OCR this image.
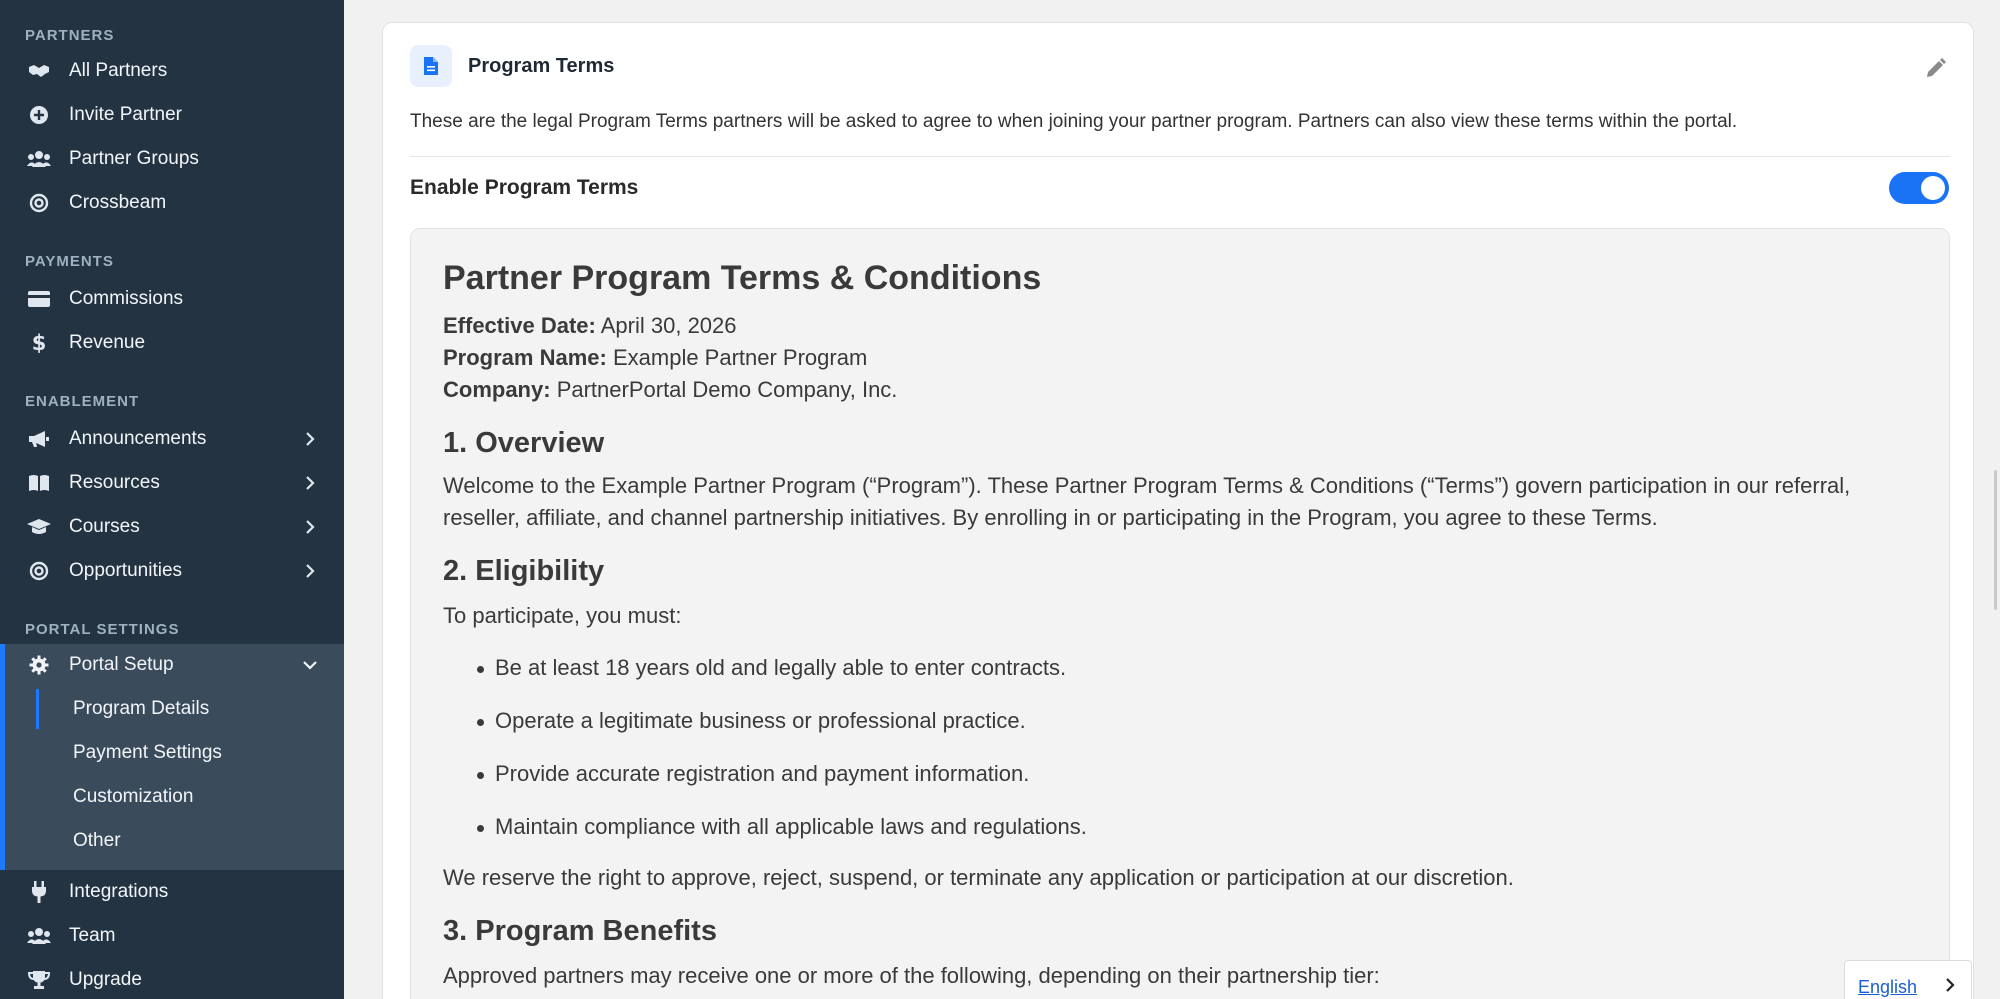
PARTNERS
All Partners
Invite Partner
Partner Groups
Crossbeam
PAYMENTS
Commissions
$ Revenue
ENABLEMENT
Announcements
Resources
Courses
Opportunities
PORTAL SETTINGS
Portal Setup
Program Details
Payment Settings
Customization
Other
Integrations
Team
Upgrade
Program Terms
These are the legal Program Terms partners will be asked to agree to when joining your partner program. Partners can also view these terms within the portal.
Enable Program Terms
Partner Program Terms & Conditions
Effective Date: April 30, 2026
Program Name: Example Partner Program
Company: PartnerPortal Demo Company, Inc.
1. Overview
Welcome to the Example Partner Program (“Program”). These Partner Program Terms & Conditions (“Terms”) govern participation in our referral, reseller, affiliate, and channel partnership initiatives. By enrolling in or participating in the Program, you agree to these Terms.
2. Eligibility
To participate, you must:
Be at least 18 years old and legally able to enter contracts.
Operate a legitimate business or professional practice.
Provide accurate registration and payment information.
Maintain compliance with all applicable laws and regulations.
We reserve the right to approve, reject, suspend, or terminate any application or participation at our discretion.
3. Program Benefits
Approved partners may receive one or more of the following, depending on their partnership tier:	English
